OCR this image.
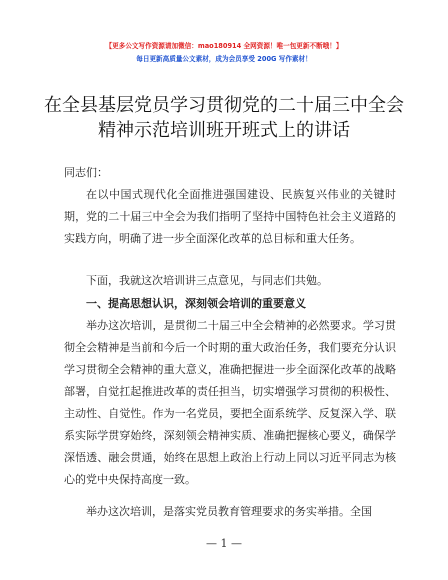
【更多公文写作资源请加微信：mao180914 全网资源！唯一包更新不断哦！】
每日更新高质量公文素材，成为会员享受 200G 写作素材！
在全县基层党员学习贯彻党的二十届三中全会
精神示范培训班开班式上的讲话
同志们：
在以中国式现代化全面推进强国建设、民族复兴伟业的关键时期，党的二十届三中全会为我们指明了坚持中国特色社会主义道路的实践方向，明确了进一步全面深化改革的总目标和重大任务。
下面，我就这次培训讲三点意见，与同志们共勉。
一、提高思想认识，深刻领会培训的重要意义
举办这次培训，是贯彻二十届三中全会精神的必然要求。学习贯彻全会精神是当前和今后一个时期的重大政治任务，我们要充分认识学习贯彻全会精神的重大意义，准确把握进一步全面深化改革的战略部署，自觉扛起推进改革的责任担当，切实增强学习贯彻的积极性、主动性、自觉性。作为一名党员，要把全面系统学、反复深入学、联系实际学贯穿始终，深刻领会精神实质、准确把握核心要义，确保学深悟透、融会贯通，始终在思想上政治上行动上同以习近平同志为核心的党中央保持高度一致。
举办这次培训，是落实党员教育管理要求的务实举措。全国
— 1 —
